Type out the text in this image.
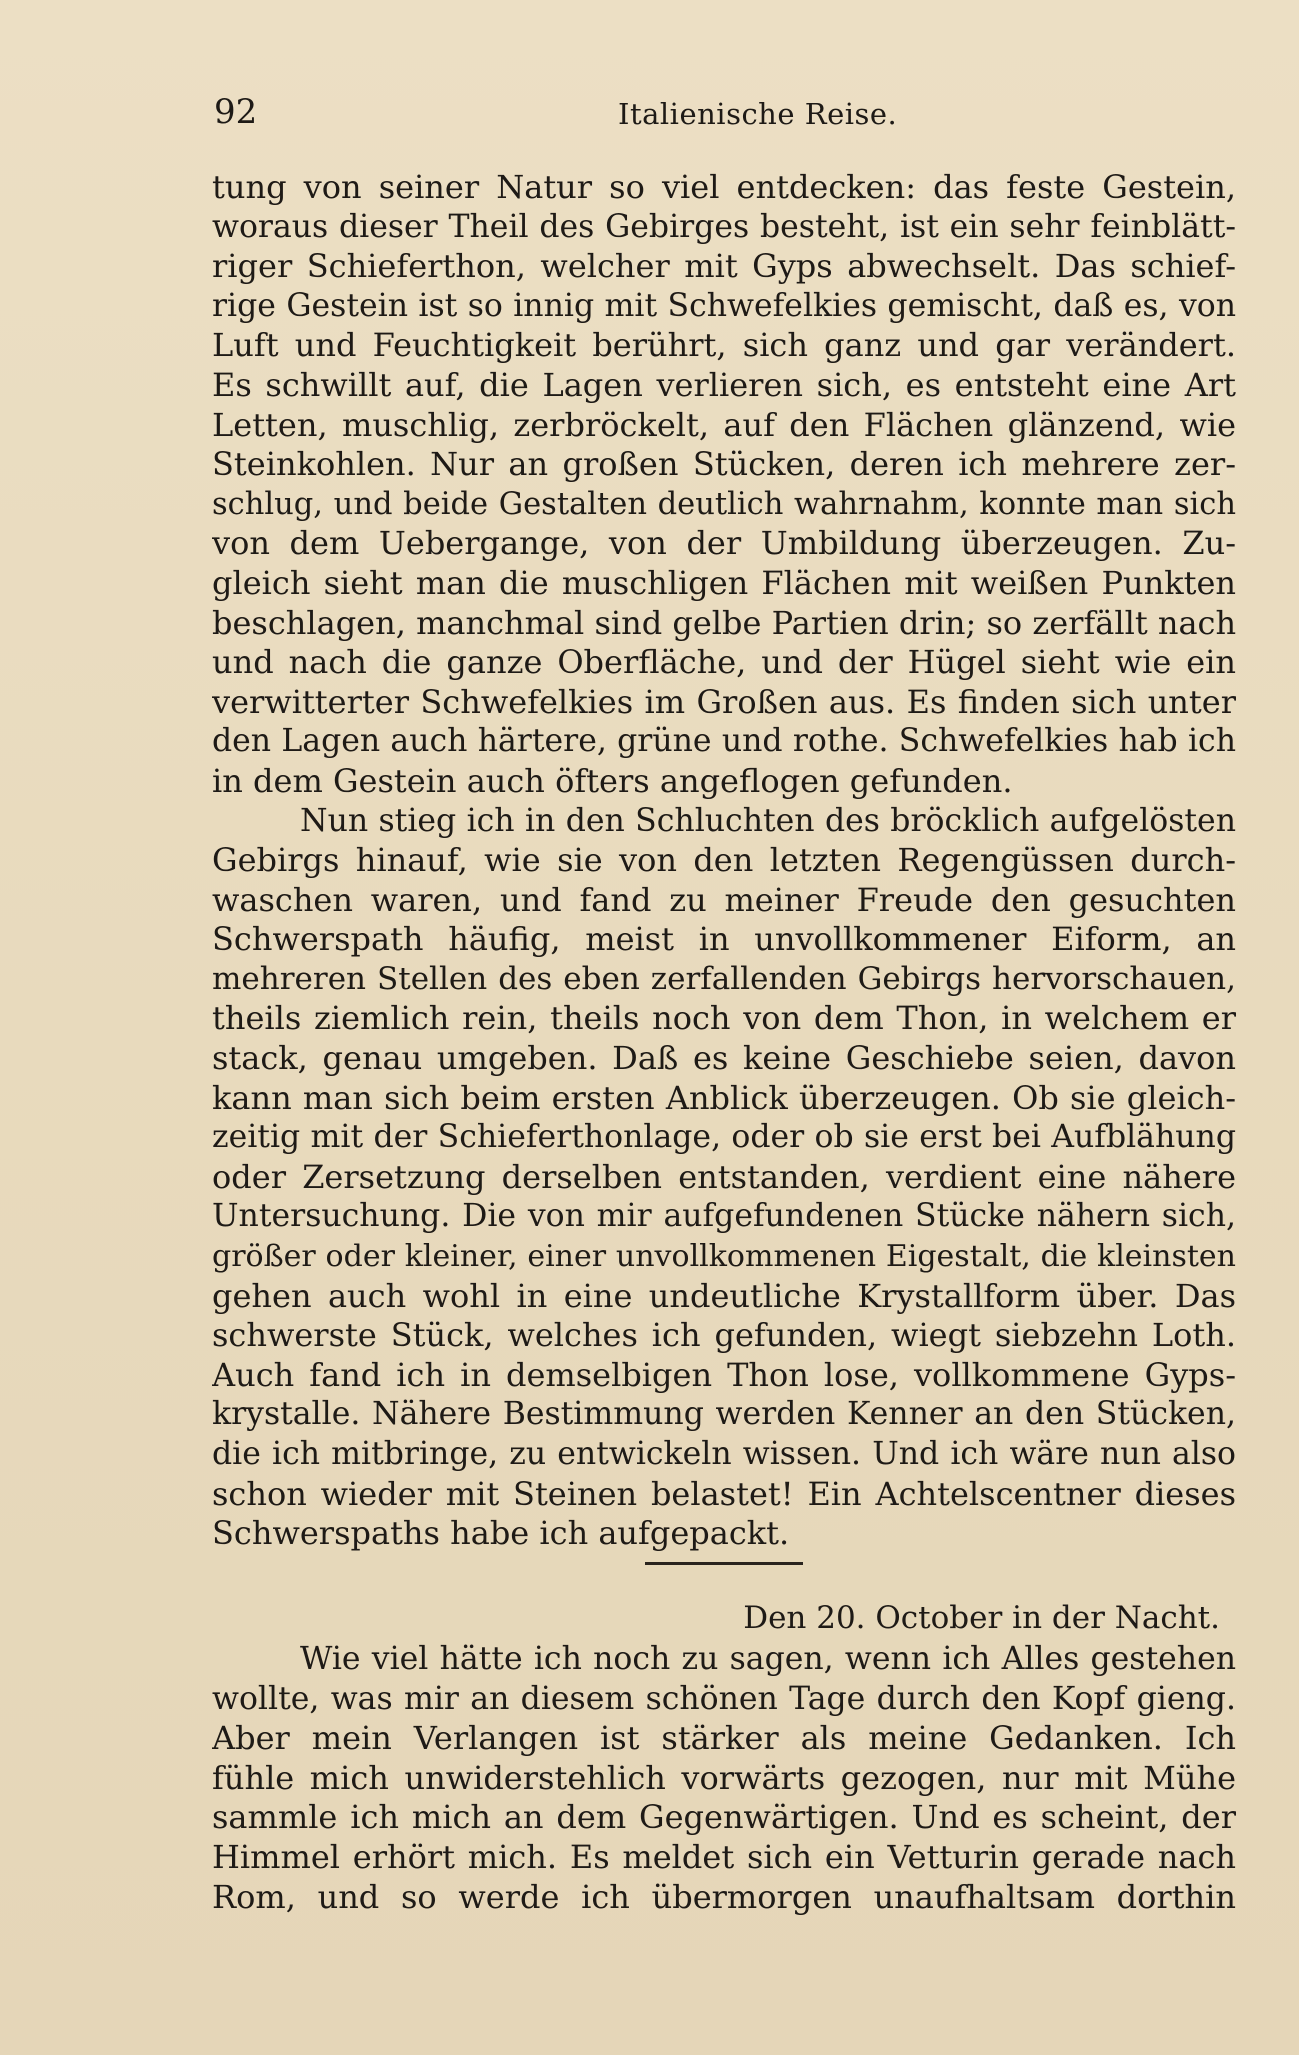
92	Italienische Reise.
tung von seiner Natur so viel entdecken: das feste Gestein,
woraus dieser Theil des Gebirges besteht, ist ein sehr feinblätt-
riger Schieferthon, welcher mit Gyps abwechselt. Das schief-
rige Gestein ist so innig mit Schwefelkies gemischt, daß es, von
Luft und Feuchtigkeit berührt, sich ganz und gar verändert.
Es schwillt auf, die Lagen verlieren sich, es entsteht eine Art
Letten, muschlig, zerbröckelt, auf den Flächen glänzend, wie
Steinkohlen. Nur an großen Stücken, deren ich mehrere zer-
schlug, und beide Gestalten deutlich wahrnahm, konnte man sich
von dem Uebergange, von der Umbildung überzeugen. Zu-
gleich sieht man die muschligen Flächen mit weißen Punkten
beschlagen, manchmal sind gelbe Partien drin; so zerfällt nach
und nach die ganze Oberfläche, und der Hügel sieht wie ein
verwitterter Schwefelkies im Großen aus. Es finden sich unter
den Lagen auch härtere, grüne und rothe. Schwefelkies hab ich
in dem Gestein auch öfters angeflogen gefunden.
Nun stieg ich in den Schluchten des bröcklich aufgelösten
Gebirgs hinauf, wie sie von den letzten Regengüssen durch-
waschen waren, und fand zu meiner Freude den gesuchten
Schwerspath häufig, meist in unvollkommener Eiform, an
mehreren Stellen des eben zerfallenden Gebirgs hervorschauen,
theils ziemlich rein, theils noch von dem Thon, in welchem er
stack, genau umgeben. Daß es keine Geschiebe seien, davon
kann man sich beim ersten Anblick überzeugen. Ob sie gleich-
zeitig mit der Schieferthonlage, oder ob sie erst bei Aufblähung
oder Zersetzung derselben entstanden, verdient eine nähere
Untersuchung. Die von mir aufgefundenen Stücke nähern sich,
größer oder kleiner, einer unvollkommenen Eigestalt, die kleinsten
gehen auch wohl in eine undeutliche Krystallform über. Das
schwerste Stück, welches ich gefunden, wiegt siebzehn Loth.
Auch fand ich in demselbigen Thon lose, vollkommene Gyps-
krystalle. Nähere Bestimmung werden Kenner an den Stücken,
die ich mitbringe, zu entwickeln wissen. Und ich wäre nun also
schon wieder mit Steinen belastet! Ein Achtelscentner dieses
Schwerspaths habe ich aufgepackt.
Den 20. October in der Nacht.
Wie viel hätte ich noch zu sagen, wenn ich Alles gestehen
wollte, was mir an diesem schönen Tage durch den Kopf gieng.
Aber mein Verlangen ist stärker als meine Gedanken. Ich
fühle mich unwiderstehlich vorwärts gezogen, nur mit Mühe
sammle ich mich an dem Gegenwärtigen. Und es scheint, der
Himmel erhört mich. Es meldet sich ein Vetturin gerade nach
Rom, und so werde ich übermorgen unaufhaltsam dorthin
